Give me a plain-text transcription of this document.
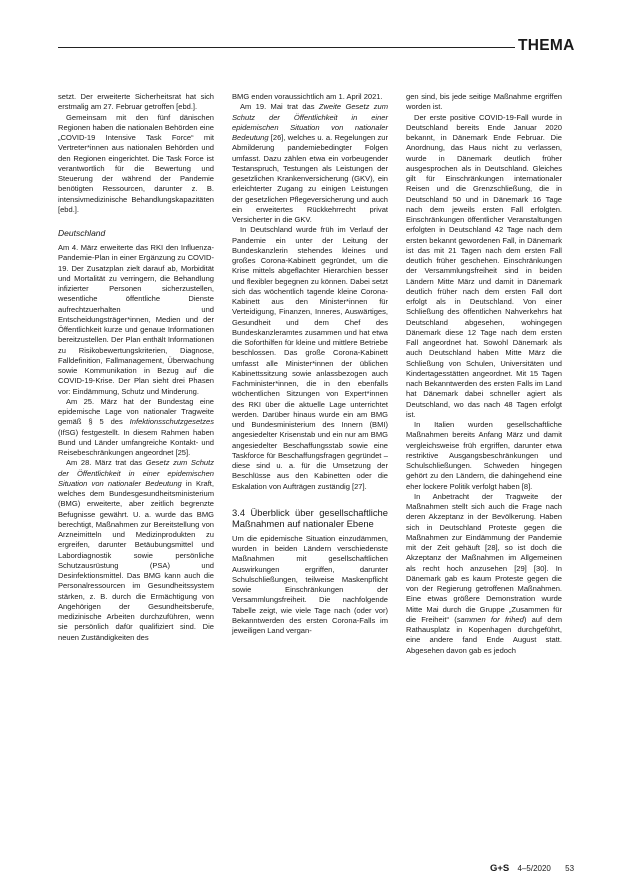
THEMA

setzt. Der erweiterte Sicherheitsrat hat sich erstmalig am 27. Februar getroffen [ebd.].

Gemeinsam mit den fünf dänischen Regionen haben die nationalen Behörden eine „COVID-19 Intensive Task Force“ mit Vertreter*innen aus nationalen Behörden und den Regionen eingerichtet. Die Task Force ist verantwortlich für die Bewertung und Steuerung der während der Pandemie benötigten Ressourcen, darunter z. B. intensivmedizinische Behandlungskapazitäten [ebd.].

Deutschland

Am 4. März erweiterte das RKI den Influenza-Pandemie-Plan in einer Ergänzung zu COVID-19. Der Zusatzplan zielt darauf ab, Morbidität und Mortalität zu verringern, die Behandlung infizierter Personen sicherzustellen, wesentliche öffentliche Dienste aufrechtzuerhalten und Entscheidungsträger*innen, Medien und der Öffentlichkeit kurze und genaue Informationen bereitzustellen. Der Plan enthält Informationen zu Risikobewertungskriterien, Diagnose, Falldefinition, Fallmanagement, Überwachung sowie Kommunikation in Bezug auf die COVID-19-Krise. Der Plan sieht drei Phasen vor: Eindämmung, Schutz und Minderung.

Am 25. März hat der Bundestag eine epidemische Lage von nationaler Tragweite gemäß § 5 des Infektionsschutzgesetzes (IfSG) festgestellt. In diesem Rahmen haben Bund und Länder umfangreiche Kontakt- und Reisebeschränkungen angeordnet [25].

Am 28. März trat das Gesetz zum Schutz der Öffentlichkeit in einer epidemischen Situation von nationaler Bedeutung in Kraft, welches dem Bundesgesundheitsministerium (BMG) erweiterte, aber zeitlich begrenzte Befugnisse gewährt. U. a. wurde das BMG berechtigt, Maßnahmen zur Bereitstellung von Arzneimitteln und Medizinprodukten zu ergreifen, darunter Betäubungsmittel und Labordiagnostik sowie persönliche Schutzausrüstung (PSA) und Desinfektionsmittel. Das BMG kann auch die Personalressourcen im Gesundheitssystem stärken, z. B. durch die Ermächtigung von Angehörigen der Gesundheitsberufe, medizinische Arbeiten durchzuführen, wenn sie persönlich dafür qualifiziert sind. Die neuen Zuständigkeiten des

BMG enden voraussichtlich am 1. April 2021.

Am 19. Mai trat das Zweite Gesetz zum Schutz der Öffentlichkeit in einer epidemischen Situation von nationaler Bedeutung [26], welches u. a. Regelungen zur Abmilderung pandemiebedingter Folgen umfasst. Dazu zählen etwa ein vorbeugender Testanspruch, Testungen als Leistungen der gesetzlichen Krankenversicherung (GKV), ein erleichterter Zugang zu einigen Leistungen der gesetzlichen Pflegeversicherung und auch ein erweitertes Rückkehrrecht privat Versicherter in die GKV.

In Deutschland wurde früh im Verlauf der Pandemie ein unter der Leitung der Bundeskanzlerin stehendes kleines und großes Corona-Kabinett gegründet, um die Krise mittels abgeflachter Hierarchien besser und flexibler begegnen zu können. Dabei setzt sich das wöchentlich tagende kleine Corona-Kabinett aus den Minister*innen für Verteidigung, Finanzen, Inneres, Auswärtiges, Gesundheit und dem Chef des Bundeskanzleramtes zusammen und hat etwa die Soforthilfen für kleine und mittlere Betriebe beschlossen. Das große Corona-Kabinett umfasst alle Minister*innen der üblichen Kabinettssitzung sowie anlassbezogen auch Fachminister*innen, die in den ebenfalls wöchentlichen Sitzungen von Expert*innen des RKI über die aktuelle Lage unterrichtet werden. Darüber hinaus wurde ein am BMG und Bundesministerium des Innern (BMI) angesiedelter Krisenstab und ein nur am BMG angesiedelter Beschaffungsstab sowie eine Taskforce für Beschaffungsfragen gegründet – diese sind u. a. für die Umsetzung der Beschlüsse aus den Kabinetten oder die Eskalation von Aufträgen zuständig [27].

3.4 Überblick über gesellschaftliche Maßnahmen auf nationaler Ebene

Um die epidemische Situation einzudämmen, wurden in beiden Ländern verschiedenste Maßnahmen mit gesellschaftlichen Auswirkungen ergriffen, darunter Schulschließungen, teilweise Maskenpflicht sowie Einschränkungen der Versammlungsfreiheit. Die nachfolgende Tabelle zeigt, wie viele Tage nach (oder vor) Bekanntwerden des ersten Corona-Falls im jeweiligen Land vergan-

gen sind, bis jede seitige Maßnahme ergriffen worden ist.

Der erste positive COVID-19-Fall wurde in Deutschland bereits Ende Januar 2020 bekannt, in Dänemark Ende Februar. Die Anordnung, das Haus nicht zu verlassen, wurde in Dänemark deutlich früher ausgesprochen als in Deutschland. Gleiches gilt für Einschränkungen internationaler Reisen und die Grenzschließung, die in Deutschland 50 und in Dänemark 16 Tage nach dem jeweils ersten Fall erfolgten. Einschränkungen öffentlicher Veranstaltungen erfolgten in Deutschland 42 Tage nach dem ersten bekannt gewordenen Fall, in Dänemark ist das mit 21 Tagen nach dem ersten Fall deutlich früher geschehen. Einschränkungen der Versammlungsfreiheit sind in beiden Ländern Mitte März und damit in Dänemark deutlich früher nach dem ersten Fall dort erfolgt als in Deutschland. Von einer Schließung des öffentlichen Nahverkehrs hat Deutschland abgesehen, wohingegen Dänemark diese 12 Tage nach dem ersten Fall angeordnet hat. Sowohl Dänemark als auch Deutschland haben Mitte März die Schließung von Schulen, Universitäten und Kindertagesstätten angeordnet. Mit 15 Tagen nach Bekanntwerden des ersten Falls im Land hat Dänemark dabei schneller agiert als Deutschland, wo das nach 48 Tagen erfolgt ist.

In Italien wurden gesellschaftliche Maßnahmen bereits Anfang März und damit vergleichsweise früh ergriffen, darunter etwa restriktive Ausgangsbeschränkungen und Schulschließungen. Schweden hingegen gehört zu den Ländern, die dahingehend eine eher lockere Politik verfolgt haben [8].

In Anbetracht der Tragweite der Maßnahmen stellt sich auch die Frage nach deren Akzeptanz in der Bevölkerung. Haben sich in Deutschland Proteste gegen die Maßnahmen zur Eindämmung der Pandemie mit der Zeit gehäuft [28], so ist doch die Akzeptanz der Maßnahmen im Allgemeinen als recht hoch anzusehen [29] [30]. In Dänemark gab es kaum Proteste gegen die von der Regierung getroffenen Maßnahmen. Eine etwas größere Demonstration wurde Mitte Mai durch die Gruppe „Zusammen für die Freiheit“ (sammen for frihed) auf dem Rathausplatz in Kopenhagen durchgeführt, eine andere fand Ende August statt. Abgesehen davon gab es jedoch

G+S 4–5/2020 53
